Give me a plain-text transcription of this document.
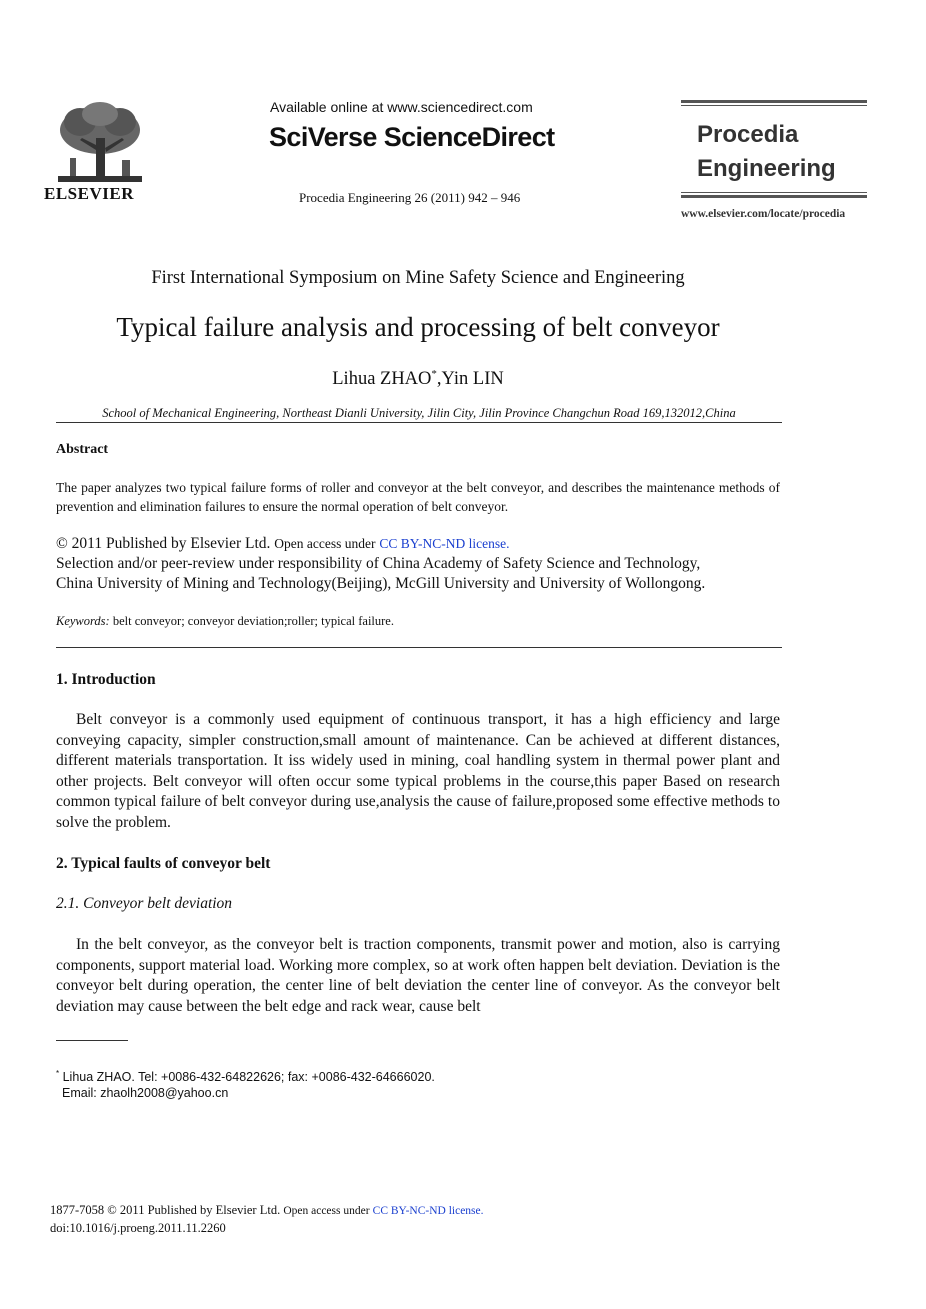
ELSEVIER
Available online at www.sciencedirect.com
SciVerse ScienceDirect
Procedia Engineering 26 (2011) 942 – 946
Procedia
Engineering
www.elsevier.com/locate/procedia
First International Symposium on Mine Safety Science and Engineering
Typical failure analysis and processing of belt conveyor
Lihua ZHAO*,Yin LIN
School of Mechanical Engineering, Northeast Dianli University, Jilin City, Jilin Province Changchun Road 169,132012,China
Abstract
The paper analyzes two typical failure forms of roller and conveyor at the belt conveyor, and describes the maintenance methods of prevention and elimination failures to ensure the normal operation of belt conveyor.
© 2011 Published by Elsevier Ltd. Open access under CC BY-NC-ND license.
Selection and/or peer-review under responsibility of China Academy of Safety Science and Technology,
China University of Mining and Technology(Beijing), McGill University and University of Wollongong.
Keywords: belt conveyor; conveyor deviation;roller; typical failure.
1. Introduction
Belt conveyor is a commonly used equipment of continuous transport, it has a high efficiency and large conveying capacity, simpler construction,small amount of maintenance. Can be achieved at different distances, different materials transportation. It iss widely used in mining, coal handling system in thermal power plant and other projects. Belt conveyor will often occur some typical problems in the course,this paper Based on research common typical failure of belt conveyor during use,analysis the cause of failure,proposed some effective methods to solve the problem.
2. Typical faults of conveyor belt
2.1. Conveyor belt deviation
In the belt conveyor, as the conveyor belt is traction components, transmit power and motion, also is carrying components, support material load. Working more complex, so at work often happen belt deviation. Deviation is the conveyor belt during operation, the center line of belt deviation the center line of conveyor. As the conveyor belt deviation may cause between the belt edge and rack wear, cause belt
* Lihua ZHAO. Tel: +0086-432-64822626; fax: +0086-432-64666020.
Email: zhaolh2008@yahoo.cn
1877-7058 © 2011 Published by Elsevier Ltd. Open access under CC BY-NC-ND license.
doi:10.1016/j.proeng.2011.11.2260
